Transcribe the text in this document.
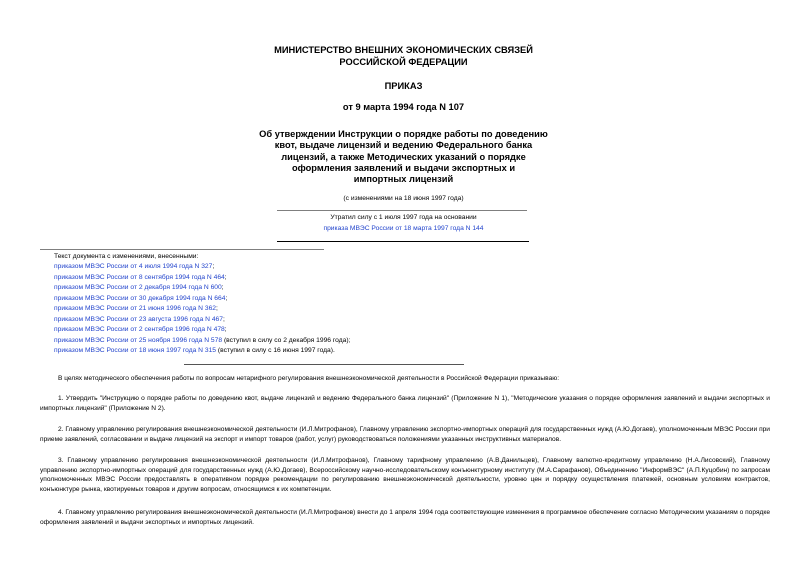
МИНИСТЕРСТВО ВНЕШНИХ ЭКОНОМИЧЕСКИХ СВЯЗЕЙ
РОССИЙСКОЙ ФЕДЕРАЦИИ
ПРИКАЗ
от 9 марта 1994 года N 107
Об утверждении Инструкции о порядке работы по доведению
квот, выдаче лицензий и ведению Федерального банка
лицензий, а также Методических указаний о порядке
оформления заявлений и выдачи экспортных и
импортных лицензий
(с изменениями на 18 июня 1997 года)
Утратил силу с 1 июля 1997 года на основании
приказа МВЭС России от 18 марта 1997 года N 144
Текст документа с изменениями, внесенными:
приказом МВЭС России от 4 июля 1994 года N 327;
приказом МВЭС России от 8 сентября 1994 года N 464;
приказом МВЭС России от 2 декабря 1994 года N 600;
приказом МВЭС России от 30 декабря 1994 года N 664;
приказом МВЭС России от 21 июня 1996 года N 362;
приказом МВЭС России от 23 августа 1996 года N 467;
приказом МВЭС России от 2 сентября 1996 года N 478;
приказом МВЭС России от 25 ноября 1996 года N 578 (вступил в силу со 2 декабря 1996 года);
приказом МВЭС России от 18 июня 1997 года N 315 (вступил в силу с 16 июня 1997 года).

В целях методического обеспечения работы по вопросам нетарифного регулирования внешнеэкономической деятельности в Российской Федерации приказываю:

1. Утвердить "Инструкцию о порядке работы по доведению квот, выдаче лицензий и ведению Федерального банка лицензий" (Приложение N 1), "Методические указания о порядке оформления заявлений и выдачи экспортных и импортных лицензий" (Приложение N 2).

2. Главному управлению регулирования внешнеэкономической деятельности (И.Л.Митрофанов), Главному управлению экспортно-импортных операций для государственных нужд (А.Ю.Догаев), уполномоченным МВЭС России при приеме заявлений, согласовании и выдаче лицензий на экспорт и импорт товаров (работ, услуг) руководствоваться положениями указанных инструктивных материалов.

3. Главному управлению регулирования внешнеэкономической деятельности (И.Л.Митрофанов), Главному тарифному управлению (А.В.Данильцев), Главному валютно-кредитному управлению (Н.А.Лисовский), Главному управлению экспортно-импортных операций для государственных нужд (А.Ю.Догаев), Всероссийскому научно-исследовательскому конъюнктурному институту (М.А.Сарафанов), Объединению "ИнформВЭС" (А.П.Куцобин) по запросам уполномоченных МВЭС России предоставлять в оперативном порядке рекомендации по регулированию внешнеэкономической деятельности, уровню цен и порядку осуществления платежей, основным условиям контрактов, конъюнктуре рынка, квотируемых товаров и другим вопросам, относящимся к их компетенции.

4. Главному управлению регулирования внешнеэкономической деятельности (И.Л.Митрофанов) внести до 1 апреля 1994 года соответствующие изменения в программное обеспечение согласно Методическим указаниям о порядке оформления заявлений и выдачи экспортных и импортных лицензий.
